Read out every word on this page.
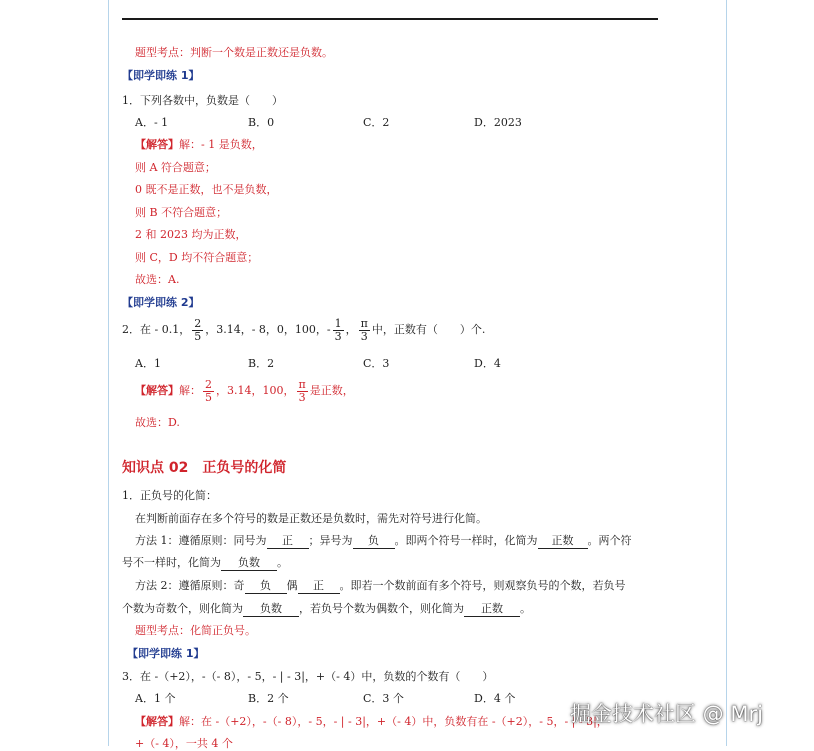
题型考点：判断一个数是正数还是负数。
【即学即练 1】
1．下列各数中，负数是（　　）
A．- 1	B．0	C．2	D．2023
【解答】解：- 1 是负数，
则 A 符合题意；
0 既不是正数，也不是负数，
则 B 不符合题意；
2 和 2023 均为正数，
则 C，D 均不符合题意；
故选：A.
【即学即练 2】
2．在 - 0.1， $\frac{2}{5}$ ，3.14，- 8，0，100，- $\frac{1}{3}$ ， $\frac{\pi}{3}$ 中，正数有（　　）个.
A．1	B．2	C．3	D．4
【解答】解： $\frac{2}{5}$ ，3.14，100， $\frac{\pi}{3}$ 是正数，
故选：D.
知识点 02　正负号的化简
1．正负号的化简：
在判断前面存在多个符号的数是正数还是负数时，需先对符号进行化简。
方法 1：遵循原则：同号为 正 ；异号为 负 。即两个符号一样时，化简为 正数 。两个符
号不一样时，化简为 负数 。
方法 2：遵循原则：奇 负 偶 正 。即若一个数前面有多个符号，则观察负号的个数，若负号
个数为奇数个，则化简为 负数 ，若负号个数为偶数个，则化简为 正数 。
题型考点：化简正负号。
【即学即练 1】
3．在 -（+2），-（- 8），- 5，- | - 3|，+（- 4）中，负数的个数有（　　）
A．1 个	B．2 个	C．3 个	D．4 个
【解答】解：在 -（+2），-（- 8），- 5，- | - 3|，+（- 4）中，负数有在 -（+2），- 5，- | - 3|，
+（- 4），一共 4 个
掘金技术社区 @ Mrj
